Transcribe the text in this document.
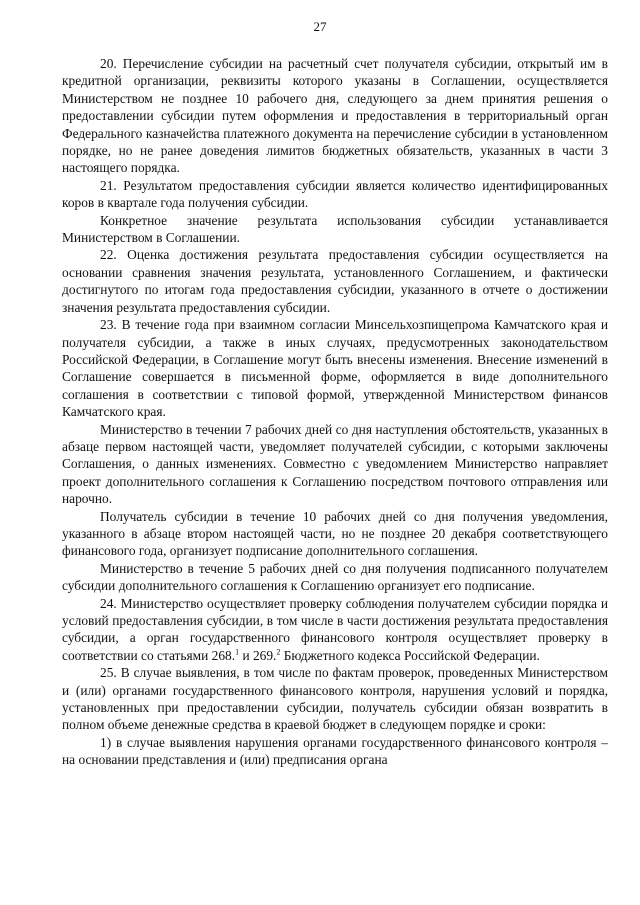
27

20. Перечисление субсидии на расчетный счет получателя субсидии, открытый им в кредитной организации, реквизиты которого указаны в Соглашении, осуществляется Министерством не позднее 10 рабочего дня, следующего за днем принятия решения о предоставлении субсидии путем оформления и предоставления в территориальный орган Федерального казначейства платежного документа на перечисление субсидии в установленном порядке, но не ранее доведения лимитов бюджетных обязательств, указанных в части 3 настоящего порядка.

21. Результатом предоставления субсидии является количество идентифицированных коров в квартале года получения субсидии.

Конкретное значение результата использования субсидии устанавливается Министерством в Соглашении.

22. Оценка достижения результата предоставления субсидии осуществляется на основании сравнения значения результата, установленного Соглашением, и фактически достигнутого по итогам года предоставления субсидии, указанного в отчете о достижении значения результата предоставления субсидии.

23. В течение года при взаимном согласии Минсельхозпищепрома Камчатского края и получателя субсидии, а также в иных случаях, предусмотренных законодательством Российской Федерации, в Соглашение могут быть внесены изменения. Внесение изменений в Соглашение совершается в письменной форме, оформляется в виде дополнительного соглашения в соответствии с типовой формой, утвержденной Министерством финансов Камчатского края.

Министерство в течении 7 рабочих дней со дня наступления обстоятельств, указанных в абзаце первом настоящей части, уведомляет получателей субсидии, с которыми заключены Соглашения, о данных изменениях. Совместно с уведомлением Министерство направляет проект дополнительного соглашения к Соглашению посредством почтового отправления или нарочно.

Получатель субсидии в течение 10 рабочих дней со дня получения уведомления, указанного в абзаце втором настоящей части, но не позднее 20 декабря соответствующего финансового года, организует подписание дополнительного соглашения.

Министерство в течение 5 рабочих дней со дня получения подписанного получателем субсидии дополнительного соглашения к Соглашению организует его подписание.

24. Министерство осуществляет проверку соблюдения получателем субсидии порядка и условий предоставления субсидии, в том числе в части достижения результата предоставления субсидии, а орган государственного финансового контроля осуществляет проверку в соответствии со статьями 268.$^1$ и 269.$^2$ Бюджетного кодекса Российской Федерации.

25. В случае выявления, в том числе по фактам проверок, проведенных Министерством и (или) органами государственного финансового контроля, нарушения условий и порядка, установленных при предоставлении субсидии, получатель субсидии обязан возвратить в полном объеме денежные средства в краевой бюджет в следующем порядке и сроки:

1) в случае выявления нарушения органами государственного финансового контроля – на основании представления и (или) предписания органа
